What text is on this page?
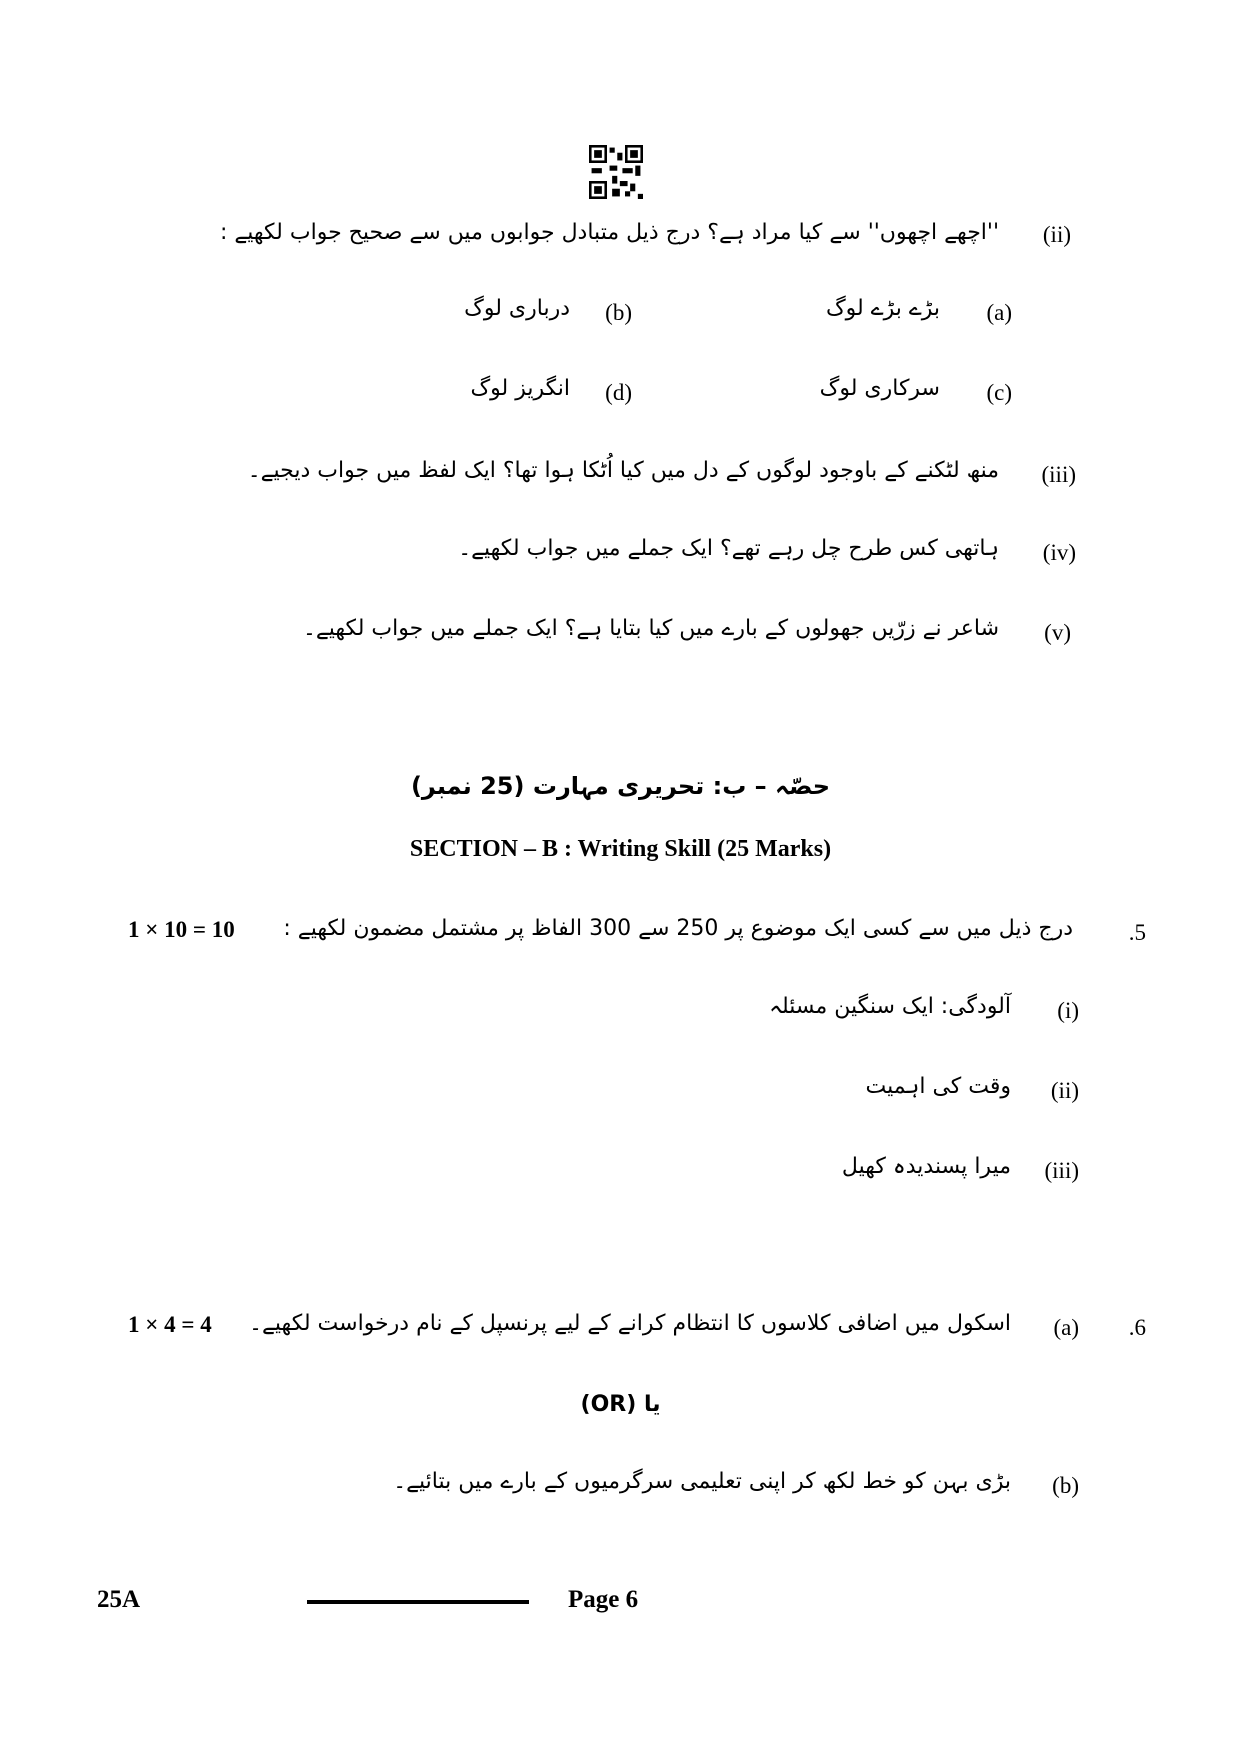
(ii)
''اچھے اچھوں'' سے کیا مراد ہے؟ درج ذیل متبادل جوابوں میں سے صحیح جواب لکھیے :
(a)
بڑے بڑے لوگ
(b)
درباری لوگ
(c)
سرکاری لوگ
(d)
انگریز لوگ
(iii)
منھ لٹکنے کے باوجود لوگوں کے دل میں کیا اُٹکا ہوا تھا؟ ایک لفظ میں جواب دیجیے۔
(iv)
ہاتھی کس طرح چل رہے تھے؟ ایک جملے میں جواب لکھیے۔
(v)
شاعر نے زرّیں جھولوں کے بارے میں کیا بتایا ہے؟ ایک جملے میں جواب لکھیے۔
حصّہ – ب: تحریری مہارت (25 نمبر)
SECTION – B : Writing Skill (25 Marks)
1 × 10 = 10	.5
درج ذیل میں سے کسی ایک موضوع پر 250 سے 300 الفاظ پر مشتمل مضمون لکھیے :
(i)
آلودگی: ایک سنگین مسئلہ
(ii)
وقت کی اہمیت
(iii)
میرا پسندیدہ کھیل
1 × 4 = 4	.6
(a)
اسکول میں اضافی کلاسوں کا انتظام کرانے کے لیے پرنسپل کے نام درخواست لکھیے۔
یا (OR)
(b)
بڑی بہن کو خط لکھ کر اپنی تعلیمی سرگرمیوں کے بارے میں بتائیے۔
25A	Page 6
